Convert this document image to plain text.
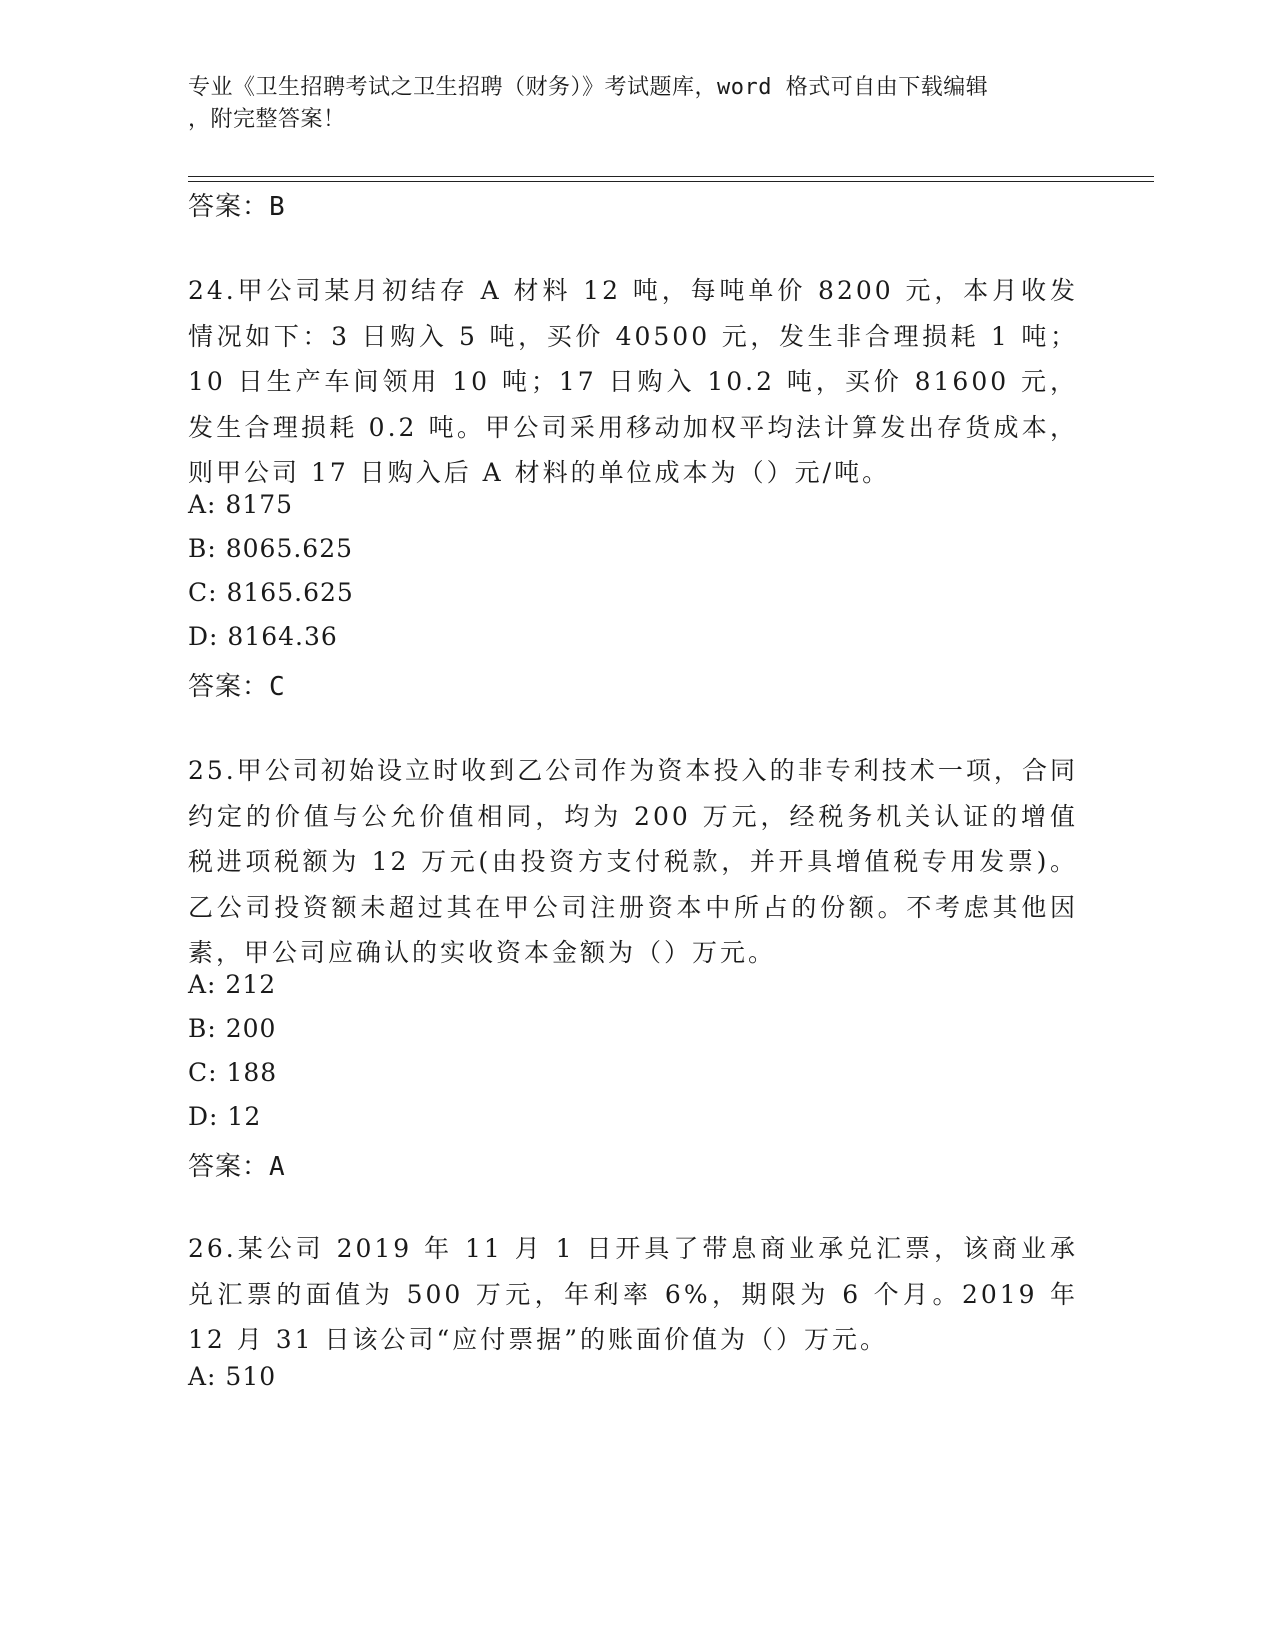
专业《卫生招聘考试之卫生招聘（财务）》考试题库，word 格式可自由下载编辑
，附完整答案！
答案：B
24.甲公司某月初结存 A 材料 12 吨，每吨单价 8200 元，本月收发情况如下：3 日购入 5 吨，买价 40500 元，发生非合理损耗 1 吨；10 日生产车间领用 10 吨；17 日购入 10.2 吨，买价 81600 元，发生合理损耗 0.2 吨。甲公司采用移动加权平均法计算发出存货成本，则甲公司 17 日购入后 A 材料的单位成本为（）元/吨。
A: 8175
B: 8065.625
C: 8165.625
D: 8164.36
答案：C
25.甲公司初始设立时收到乙公司作为资本投入的非专利技术一项，合同约定的价值与公允价值相同，均为 200 万元，经税务机关认证的增值税进项税额为 12 万元(由投资方支付税款，并开具增值税专用发票)。乙公司投资额未超过其在甲公司注册资本中所占的份额。不考虑其他因素，甲公司应确认的实收资本金额为（）万元。
A: 212
B: 200
C: 188
D: 12
答案：A
26.某公司 2019 年 11 月 1 日开具了带息商业承兑汇票，该商业承兑汇票的面值为 500 万元，年利率 6%，期限为 6 个月。2019 年 12 月 31 日该公司“应付票据”的账面价值为（）万元。
A: 510
